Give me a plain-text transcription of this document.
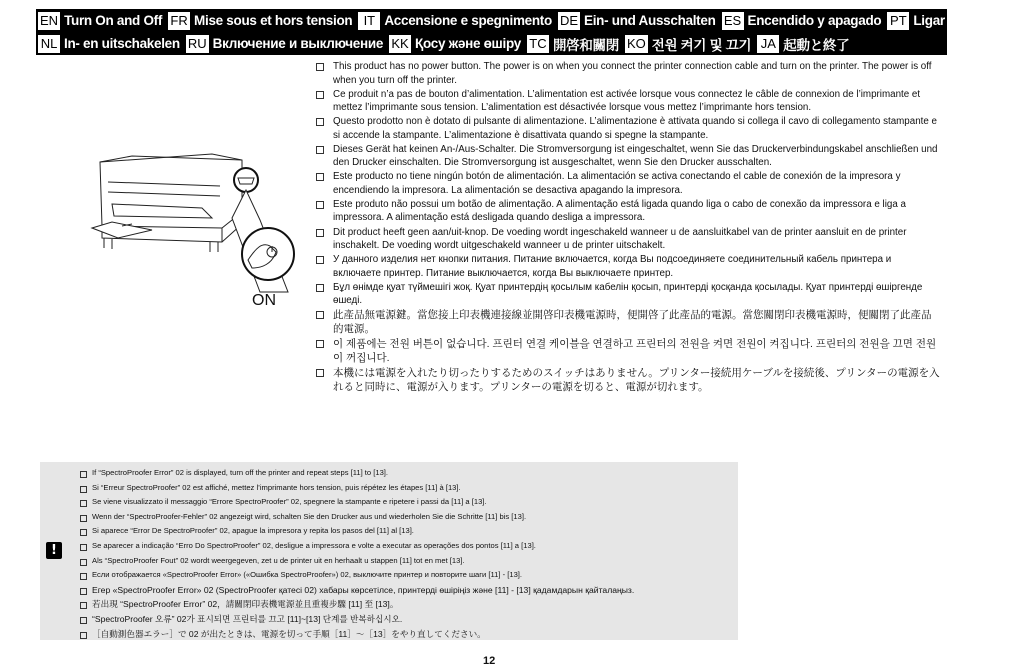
EN Turn On and Off FR Mise sous et hors tension IT Accensione e spegnimento DE Ein- und Ausschalten ES Encendido y apagado PT Ligar e Desligar
NL In- en uitschakelen RU Включение и выключение KK Қосу және өшіру TC 開啓和關閉 KO 전원 켜기 및 끄기 JA 起動と終了
ON
This product has no power button. The power is on when you connect the printer connection cable and turn on the printer. The power is off when you turn off the printer.
Ce produit n’a pas de bouton d’alimentation. L’alimentation est activée lorsque vous connectez le câble de connexion de l’imprimante et mettez l’imprimante sous tension. L’alimentation est désactivée lorsque vous mettez l’imprimante hors tension.
Questo prodotto non è dotato di pulsante di alimentazione. L’alimentazione è attivata quando si collega il cavo di collegamento stampante e si accende la stampante. L’alimentazione è disattivata quando si spegne la stampante.
Dieses Gerät hat keinen An-/Aus-Schalter. Die Stromversorgung ist eingeschaltet, wenn Sie das Druckerverbindungskabel anschließen und den Drucker einschalten. Die Stromversorgung ist ausgeschaltet, wenn Sie den Drucker ausschalten.
Este producto no tiene ningún botón de alimentación. La alimentación se activa conectando el cable de conexión de la impresora y encendiendo la impresora. La alimentación se desactiva apagando la impresora.
Este produto não possui um botão de alimentação. A alimentação está ligada quando liga o cabo de conexão da impressora e liga a impressora. A alimentação está desligada quando desliga a impressora.
Dit product heeft geen aan/uit-knop. De voeding wordt ingeschakeld wanneer u de aansluitkabel van de printer aansluit en de printer inschakelt. De voeding wordt uitgeschakeld wanneer u de printer uitschakelt.
У данного изделия нет кнопки питания. Питание включается, когда Вы подсоединяете соединительный кабель принтера и включаете принтер. Питание выключается, когда Вы выключаете принтер.
Бұл өнімде қуат түймешігі жоқ. Қуат принтердің қосылым кабелін қосып, принтерді қосқанда қосылады. Қуат принтерді өшіргенде өшеді.
此產品無電源鍵。當您接上印表機連接線並開啓印表機電源時，便開啓了此產品的電源。當您關閉印表機電源時，便關閉了此產品的電源。
이 제품에는 전원 버튼이 없습니다. 프린터 연결 케이블을 연결하고 프린터의 전원을 켜면 전원이 켜집니다. 프린터의 전원을 끄면 전원이 꺼집니다.
本機には電源を入れたり切ったりするためのスイッチはありません。プリンター接続用ケーブルを接続後、プリンターの電源を入れると同時に、電源が入ります。プリンターの電源を切ると、電源が切れます。
!
If “SpectroProofer Error” 02 is displayed, turn off the printer and repeat steps [11] to [13].
Si “Erreur SpectroProofer” 02 est affiché, mettez l’imprimante hors tension, puis répétez les étapes [11] à [13].
Se viene visualizzato il messaggio “Errore SpectroProofer” 02, spegnere la stampante e ripetere i passi da [11] a [13].
Wenn der “SpectroProofer-Fehler” 02 angezeigt wird, schalten Sie den Drucker aus und wiederholen Sie die Schritte [11] bis [13].
Si aparece “Error De SpectroProofer” 02, apague la impresora y repita los pasos del [11] al [13].
Se aparecer a indicação “Erro Do SpectroProofer” 02, desligue a impressora e volte a executar as operações dos pontos [11] a [13].
Als “SpectroProofer Fout” 02 wordt weergegeven, zet u de printer uit en herhaalt u stappen [11] tot en met [13].
Если отображается «SpectroProofer Error» («Ошибка SpectroProofer») 02, выключите принтер и повторите шаги [11] - [13].
Егер «SpectroProofer Error» 02 (SpectroProofer қатесі 02) хабары көрсетілсе, принтерді өшіріңіз және [11] - [13] қадамдарын қайталаңыз.
若出現 “SpectroProofer Error” 02，請關閉印表機電源並且重複步驟 [11] 至 [13]。
“SpectroProofer 오류” 02가 표시되면 프린터를 끄고 [11]~[13] 단계를 반복하십시오.
［自動測色器エラー］で 02 が出たときは、電源を切って手順［11］～［13］をやり直してください。
12
